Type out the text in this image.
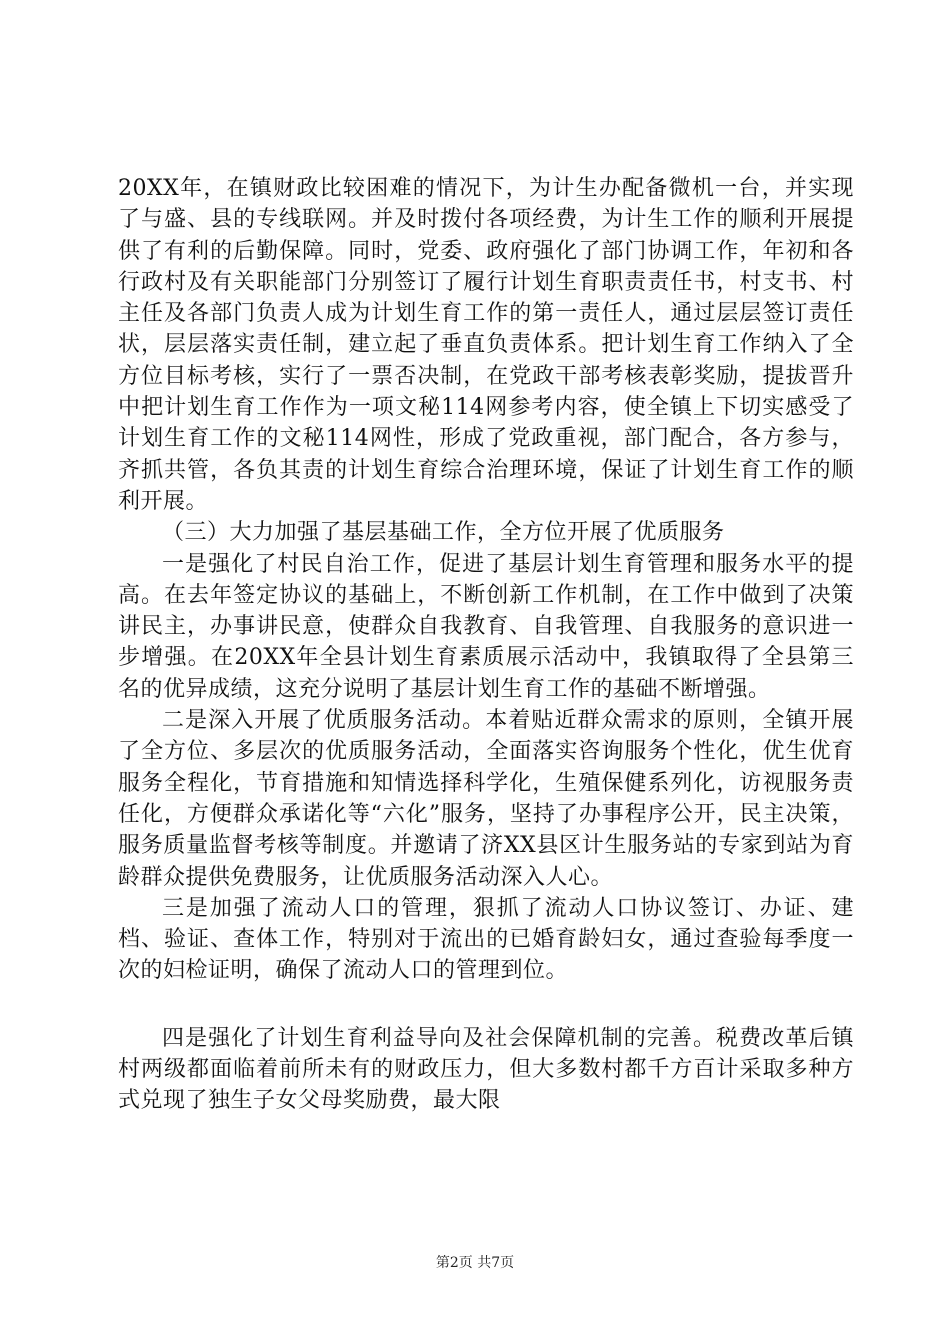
20XX年，在镇财政比较困难的情况下，为计生办配备微机一台，并实现了与盛、县的专线联网。并及时拨付各项经费，为计生工作的顺利开展提供了有利的后勤保障。同时，党委、政府强化了部门协调工作，年初和各行政村及有关职能部门分别签订了履行计划生育职责责任书，村支书、村主任及各部门负责人成为计划生育工作的第一责任人，通过层层签订责任状，层层落实责任制，建立起了垂直负责体系。把计划生育工作纳入了全方位目标考核，实行了一票否决制，在党政干部考核表彰奖励，提拔晋升中把计划生育工作作为一项文秘114网参考内容，使全镇上下切实感受了计划生育工作的文秘114网性，形成了党政重视，部门配合，各方参与，齐抓共管，各负其责的计划生育综合治理环境，保证了计划生育工作的顺利开展。

（三）大力加强了基层基础工作，全方位开展了优质服务

一是强化了村民自治工作，促进了基层计划生育管理和服务水平的提高。在去年签定协议的基础上，不断创新工作机制，在工作中做到了决策讲民主，办事讲民意，使群众自我教育、自我管理、自我服务的意识进一步增强。在20XX年全县计划生育素质展示活动中，我镇取得了全县第三名的优异成绩，这充分说明了基层计划生育工作的基础不断增强。

二是深入开展了优质服务活动。本着贴近群众需求的原则，全镇开展了全方位、多层次的优质服务活动，全面落实咨询服务个性化，优生优育服务全程化，节育措施和知情选择科学化，生殖保健系列化，访视服务责任化，方便群众承诺化等“六化”服务，坚持了办事程序公开，民主决策，服务质量监督考核等制度。并邀请了济XX县区计生服务站的专家到站为育龄群众提供免费服务，让优质服务活动深入人心。

三是加强了流动人口的管理，狠抓了流动人口协议签订、办证、建档、验证、查体工作，特别对于流出的已婚育龄妇女，通过查验每季度一次的妇检证明，确保了流动人口的管理到位。

四是强化了计划生育利益导向及社会保障机制的完善。税费改革后镇村两级都面临着前所未有的财政压力，但大多数村都千方百计采取多种方式兑现了独生子女父母奖励费，最大限

第2页 共7页
